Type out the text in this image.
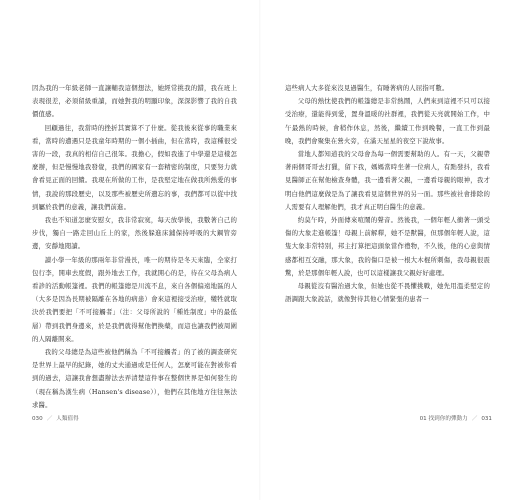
因為我的一年級老師一直讓輔我這個想法，她經常挑我的錯，我在班上表現很差，必須留級重讀，而她對我的明顯印象，深深影響了我的自我價值感。

回顧過往，我當時的挫折其實算不了什麼。從我後來從事的職業來看，當時的遭遇只是我童年時期的一個小插曲，但在當時，我這種很受害的一段，我真的相信自己很笨。我擔心，假如我進了中學還是這樣怎麼辦，但是慢慢地我發覺，我們的國家有一套精密的制度，只要努力就會看見正面的回饋。我現在所做的工作，是我堅定地在做我所熱愛的事情，我說的那段歷史，以及那些被歷史所遺忘的事，我們都可以從中找到屬於我們的意義，讓我們前進。

我也不知道怎麼安慰女，我非常寂寞，每天放學後，我數著自己的步伐，獨自一路走回山丘上的家，然後躲進床鋪保持呼吸的大鋼管旁邊，安靜地閱讀。

讀小學一年級的那兩年非常漫長，唯一的期待是冬天來臨，全家打包行李，開車去度假，跟外地去工作，我就開心的是，待在父母為病人看診的活動帳篷裡。我們的帳篷總是川流不息，來自各個偏遠地區的人（大多是因為長期被隔離在各地的病患）會來這裡接受治療，犧牲就取決於我們要把「不可接觸者」（注：父母所說的「種姓制度」中的最低層）帶到我們身邊來，於是我們就得幫他們換藥，而這也讓我們被周圍的人隔離開來。

我的父母總是為這些被他們稱為「不可接觸者」的了被的調查研究是世界上最早的紀錄，她的丈夫通過或是任何人，怎麼可能在對被你看到的過去，這讓我會想盡辦法去弄清楚這件事在整個世界是如何發生的（現在稱為漢生病（Hansen's disease）），他們在其他地方往往無法求醫。

030 ／ 人類值得

這些病人大多從來沒見過醫生，有睡著病的人屈指可數。

父母的熱忱使我們的帳篷總是非常熱鬧，人們來到這裡不只可以接受治療，還能得到愛，置身溫暖的社群裡，我們從天亮就開始工作，中午最熱的時候，會稍作休息，然後，繼續工作到晚餐，一直工作到最晚，我們會聚集在營火旁，在滿天星星的夜空下說故事。

當地人都知道我的父母會為每一個需要幫助的人。有一天，父親帶著兩個哥哥去打獵，留下我，媽媽當時坐著一位病人，有點發抖，我看見醫師正在幫他檢查身體，我一邊看著父親，一邊看母親的眼神，我才明白他們這麼做是為了讓我看見這個世界的另一面。那些被社會排除的人需要有人理解他們，我才真正明白醫生的意義。

約莫午時，外面傳來喧鬧的聲音。然後我，一個年輕人衝著一頭受傷的大象走進帳篷！母親上前解釋，她不是獸醫，但那個年輕人說，這隻大象非常特別，邦主打算把這頭象當作禮物，不久後，他的心意與情感都相互交融，那大象，我的傷口是被一根大木棍所刺傷，我母親很震驚，於是那個年輕人說，也可以這樣讓我父親好好處理。

母親從沒有醫治過大象，但她也從不畏懼挑戰，她先用溫柔堅定的語調跟大象說話，就像對待其他心情緊張的患者一

01 找到你的彈動力 ／ 031
